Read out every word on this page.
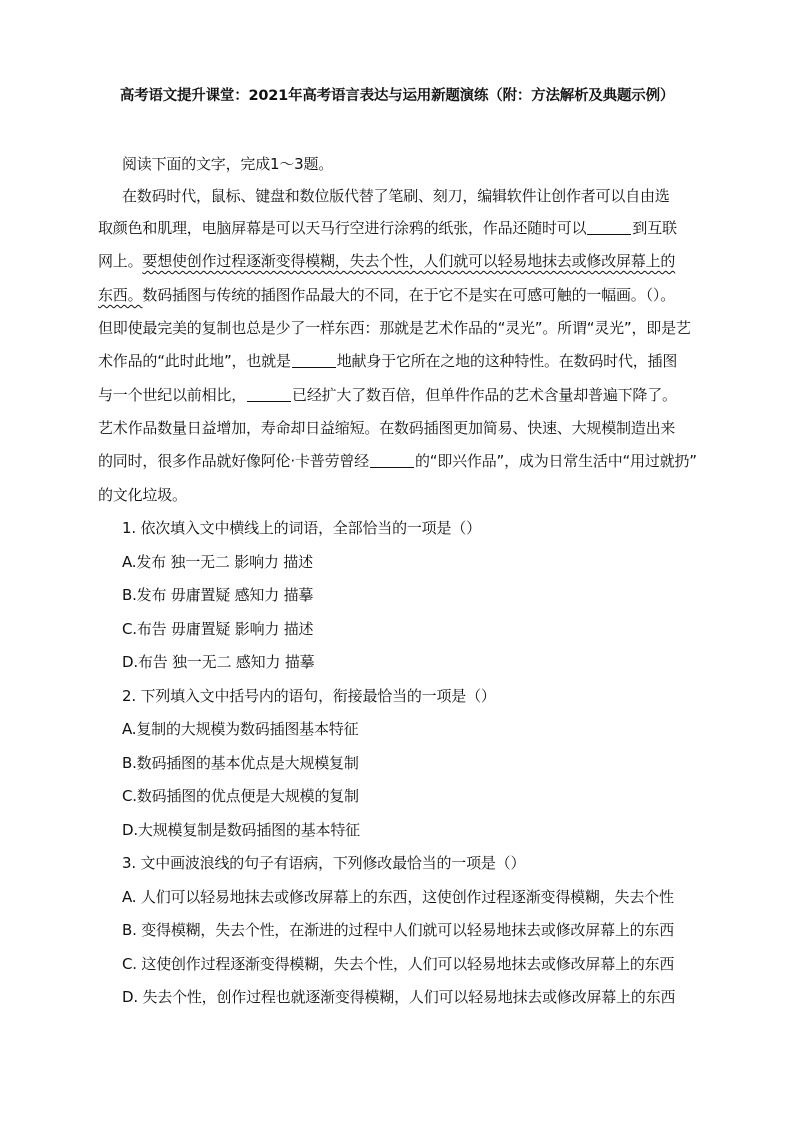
高考语文提升课堂：2021年高考语言表达与运用新题演练（附：方法解析及典题示例）
阅读下面的文字，完成1～3题。
在数码时代，鼠标、键盘和数位版代替了笔刷、刻刀，编辑软件让创作者可以自由选
取颜色和肌理，电脑屏幕是可以天马行空进行涂鸦的纸张，作品还随时可以	到互联
网上。要想使创作过程逐渐变得模糊，失去个性，人们就可以轻易地抹去或修改屏幕上的
东西。数码插图与传统的插图作品最大的不同，在于它不是实在可感可触的一幅画。（）。
但即使最完美的复制也总是少了一样东西：那就是艺术作品的“灵光”。所谓“灵光”，即是艺
术作品的“此时此地”，也就是	地献身于它所在之地的这种特性。在数码时代，插图
与一个世纪以前相比，	已经扩大了数百倍，但单件作品的艺术含量却普遍下降了。
艺术作品数量日益增加，寿命却日益缩短。在数码插图更加简易、快速、大规模制造出来
的同时，很多作品就好像阿伦·卡普劳曾经	的“即兴作品”，成为日常生活中“用过就扔”
的文化垃圾。
1. 依次填入文中横线上的词语，全部恰当的一项是（）
A.发布 独一无二 影响力 描述
B.发布 毋庸置疑 感知力 描摹
C.布告 毋庸置疑 影响力 描述
D.布告 独一无二 感知力 描摹
2. 下列填入文中括号内的语句，衔接最恰当的一项是（）
A.复制的大规模为数码插图基本特征
B.数码插图的基本优点是大规模复制
C.数码插图的优点便是大规模的复制
D.大规模复制是数码插图的基本特征
3. 文中画波浪线的句子有语病，下列修改最恰当的一项是（）
A. 人们可以轻易地抹去或修改屏幕上的东西，这使创作过程逐渐变得模糊，失去个性
B. 变得模糊，失去个性，在渐进的过程中人们就可以轻易地抹去或修改屏幕上的东西
C. 这使创作过程逐渐变得模糊，失去个性，人们可以轻易地抹去或修改屏幕上的东西
D. 失去个性，创作过程也就逐渐变得模糊，人们可以轻易地抹去或修改屏幕上的东西
